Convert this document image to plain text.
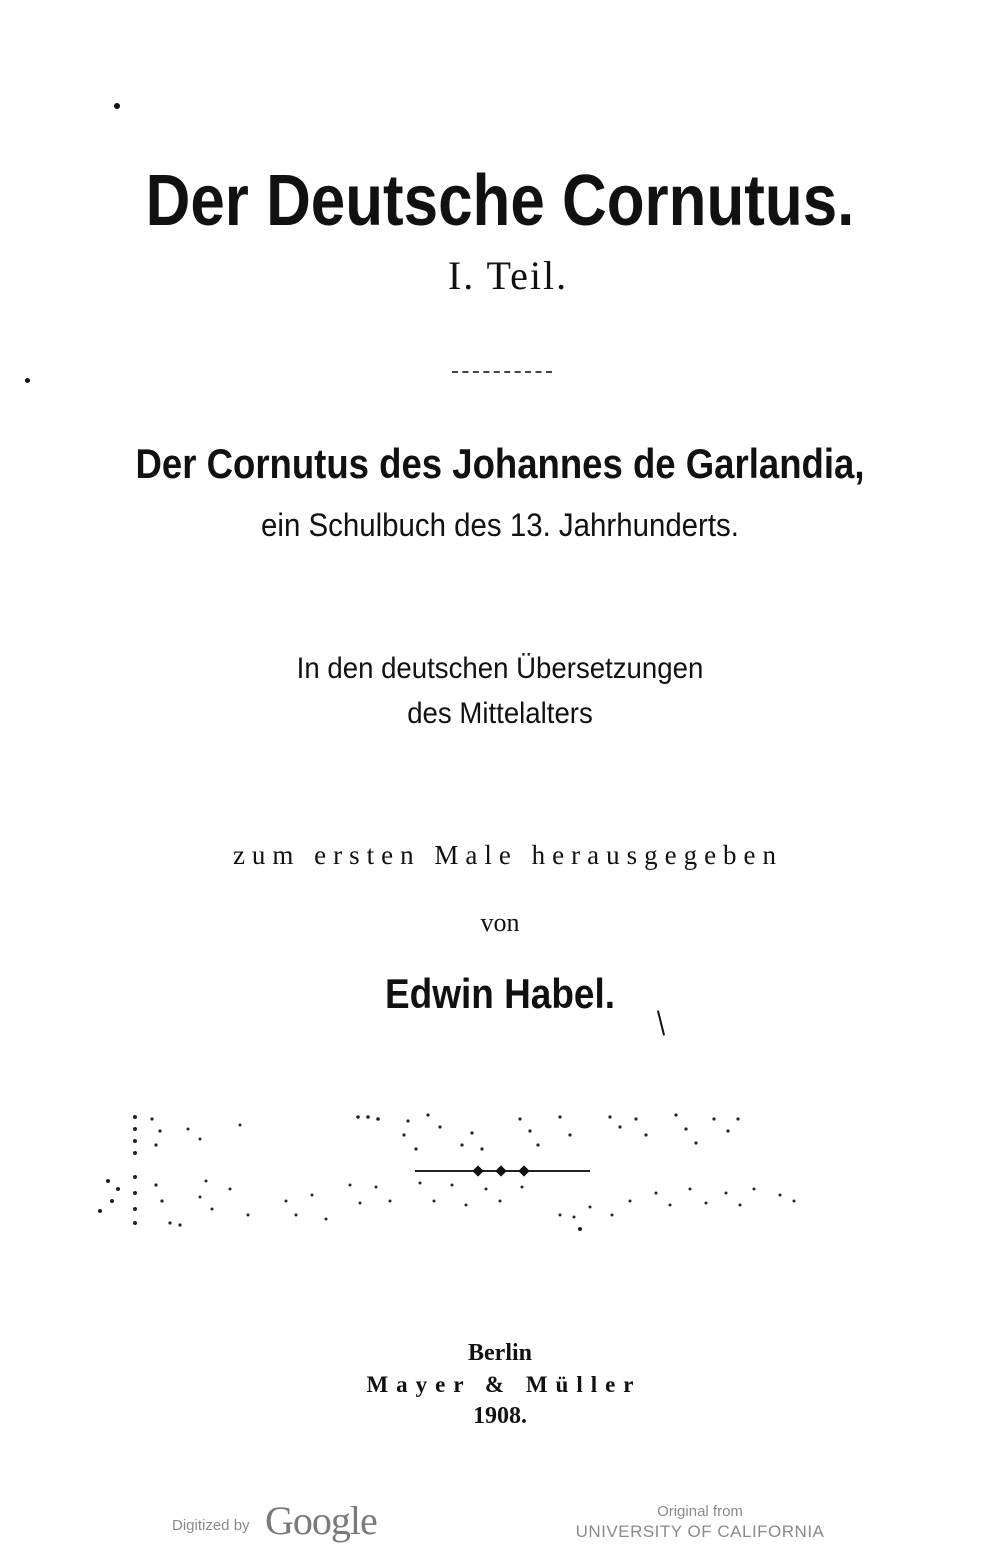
Der Deutsche Cornutus.
I. Teil.
Der Cornutus des Johannes de Garlandia,
ein Schulbuch des 13. Jahrhunderts.
In den deutschen Übersetzungen
des Mittelalters
zum ersten Male herausgegeben
von
Edwin Habel.
Berlin
Mayer & Müller
1908.
Digitized by Google	Original from
UNIVERSITY OF CALIFORNIA
